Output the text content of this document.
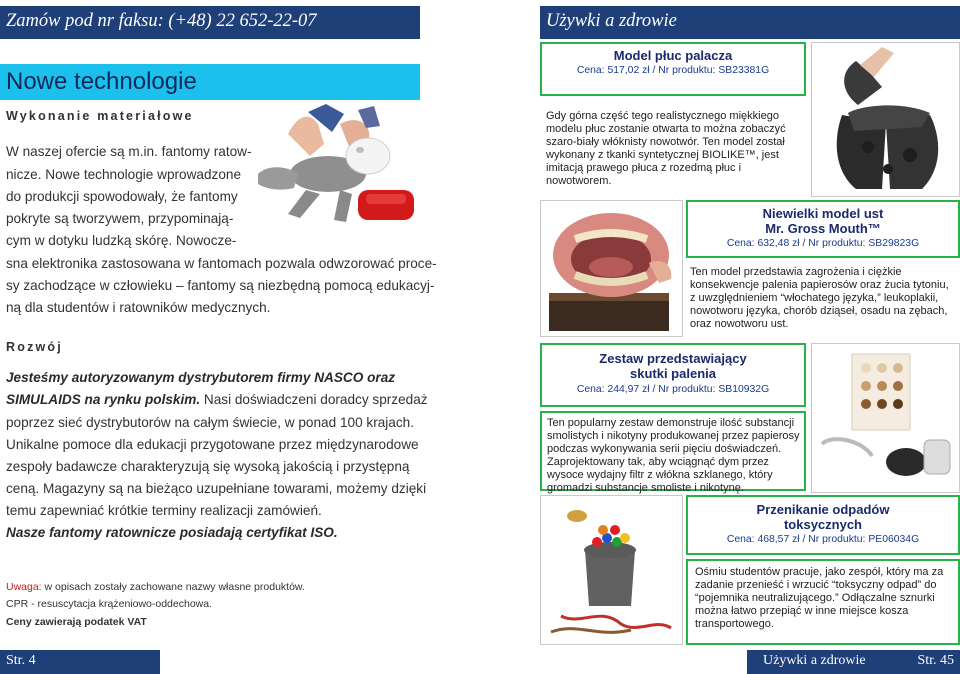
Zamów pod nr faksu: (+48) 22 652-22-07
Nowe technologie
Wykonanie materiałowe
W naszej ofercie są m.in. fantomy ratow-
nicze. Nowe technologie wprowadzone
do produkcji spowodowały, że fantomy
pokryte są tworzywem, przypominają-
cym w dotyku ludzką skórę. Nowocze-
sna elektronika zastosowana w fantomach pozwala odwzorować proce-
sy zachodzące w człowieku – fantomy są niezbędną pomocą edukacyj-
ną dla studentów i ratowników medycznych.
Rozwój
Jesteśmy autoryzowanym dystrybutorem firmy NASCO oraz
SIMULAIDS na rynku polskim. Nasi doświadczeni doradcy sprzedaż
poprzez sieć dystrybutorów na całym świecie, w ponad 100 krajach.
Unikalne pomoce dla edukacji przygotowane przez międzynarodowe
zespoły badawcze charakteryzują się wysoką jakością i przystępną
ceną. Magazyny są na bieżąco uzupełniane towarami, możemy dzięki
temu zapewniać krótkie terminy realizacji zamówień.
Nasze fantomy ratownicze posiadają certyfikat ISO.
Uwaga: w opisach zostały zachowane nazwy własne produktów.
CPR - resuscytacja krążeniowo-oddechowa.
Ceny zawierają podatek VAT
Str. 4
Używki a zdrowie
Model płuc palacza
Cena: 517,02 zł / Nr produktu: SB23381G
Gdy górna część tego realistycznego miękkiego modelu płuc zostanie otwarta to można zobaczyć szaro-biały włóknisty nowotwór. Ten model został wykonany z tkanki syntetycznej BIOLIKE™, jest imitacją prawego płuca z rozedmą płuc i nowotworem.
Niewielki model ust
Mr. Gross Mouth™
Cena: 632,48 zł / Nr produktu: SB29823G
Ten model przedstawia zagrożenia i ciężkie konsekwencje palenia papierosów oraz żucia tytoniu, z uwzględnieniem “włochatego języka,” leukoplakii, nowotworu języka, chorób dziąseł, osadu na zębach, oraz nowotworu ust.
Zestaw przedstawiający
skutki palenia
Cena: 244,97 zł / Nr produktu: SB10932G
Ten popularny zestaw demonstruje ilość substancji smolistych i nikotyny produkowanej przez papierosy podczas wykonywania serii pięciu doświadczeń. Zaprojektowany tak, aby wciągnąć dym przez wysoce wydajny filtr z włókna szklanego, który gromadzi substancje smoliste i nikotynę.
Przenikanie odpadów
toksycznych
Cena: 468,57 zł / Nr produktu: PE06034G
Ośmiu studentów pracuje, jako zespół, który ma za zadanie przenieść i wrzucić “toksyczny odpad” do “pojemnika neutralizującego.” Odłączalne sznurki można łatwo przepiąć w inne miejsce kosza transportowego.
Używki a zdrowie	Str. 45
